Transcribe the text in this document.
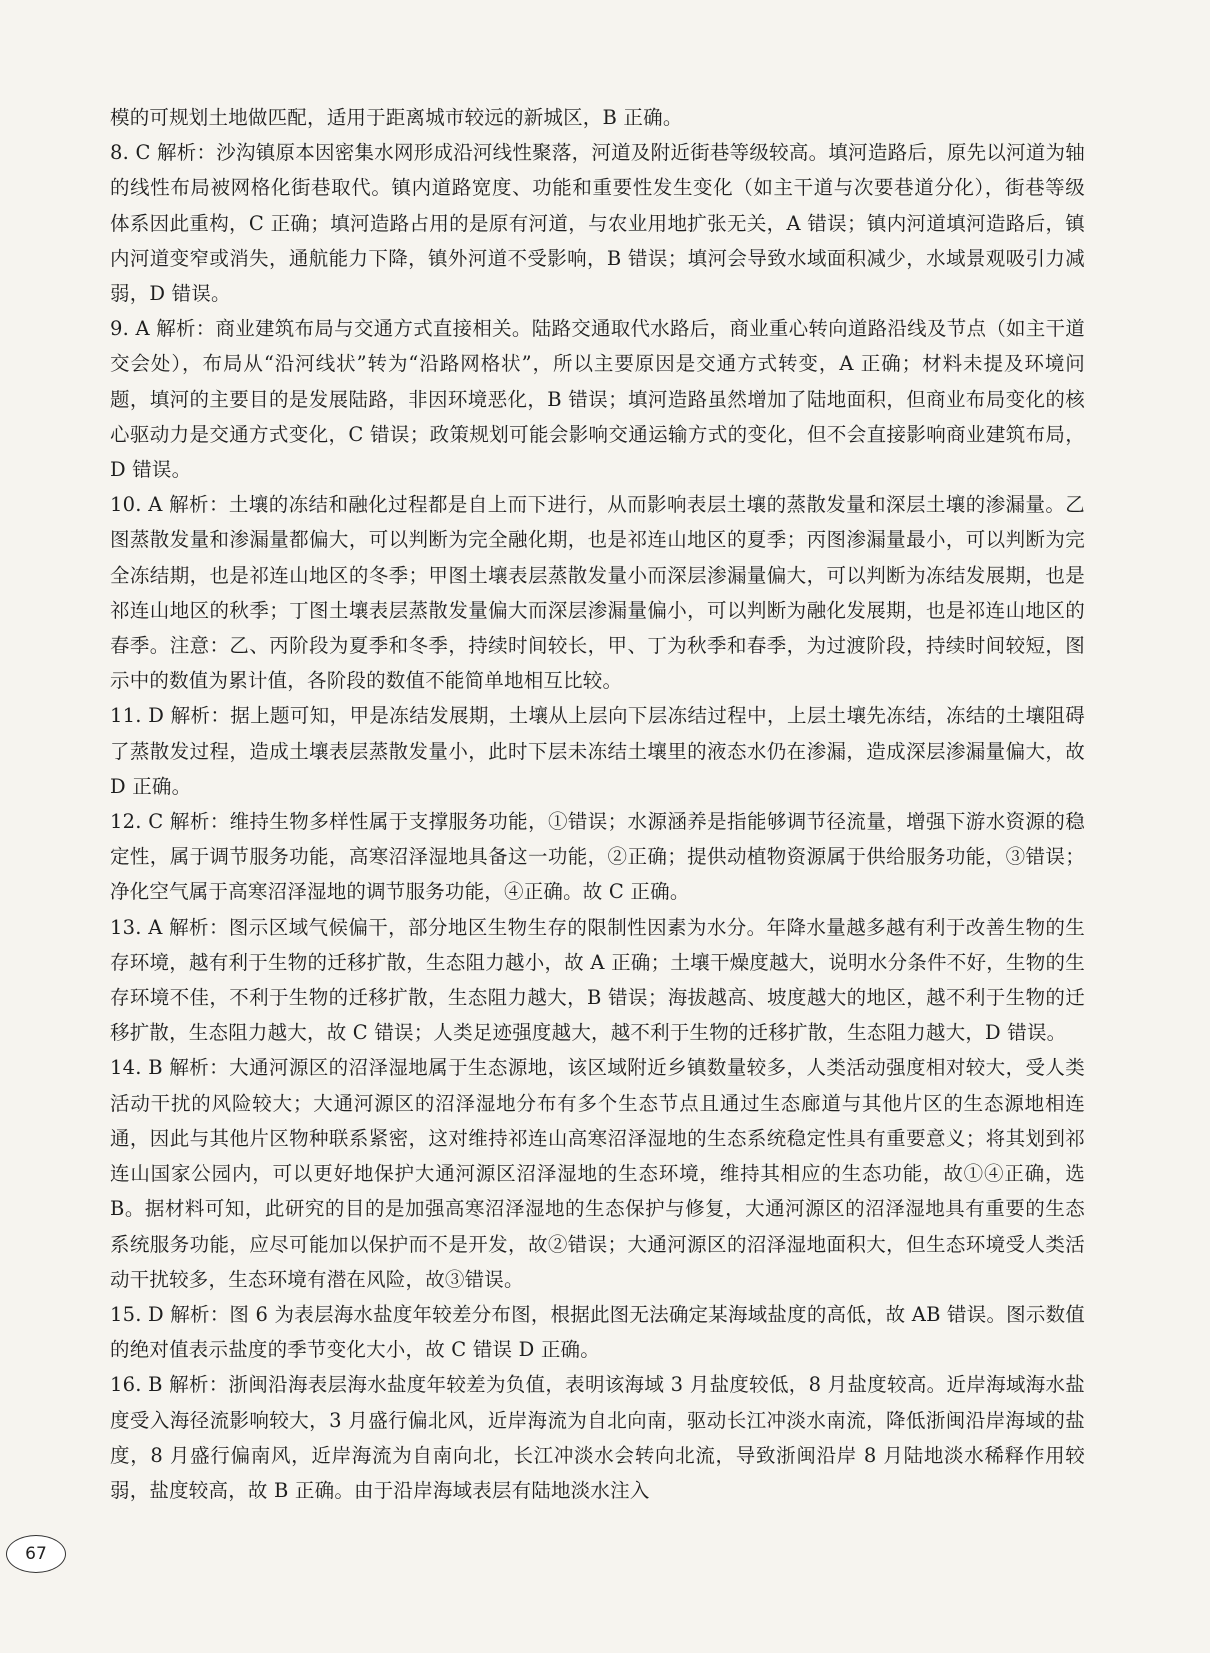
模的可规划土地做匹配，适用于距离城市较远的新城区，B 正确。

8. C 解析：沙沟镇原本因密集水网形成沿河线性聚落，河道及附近街巷等级较高。填河造路后，原先以河道为轴的线性布局被网格化街巷取代。镇内道路宽度、功能和重要性发生变化（如主干道与次要巷道分化），街巷等级体系因此重构，C 正确；填河造路占用的是原有河道，与农业用地扩张无关，A 错误；镇内河道填河造路后，镇内河道变窄或消失，通航能力下降，镇外河道不受影响，B 错误；填河会导致水域面积减少，水域景观吸引力减弱，D 错误。

9. A 解析：商业建筑布局与交通方式直接相关。陆路交通取代水路后，商业重心转向道路沿线及节点（如主干道交会处），布局从“沿河线状”转为“沿路网格状”，所以主要原因是交通方式转变，A 正确；材料未提及环境问题，填河的主要目的是发展陆路，非因环境恶化，B 错误；填河造路虽然增加了陆地面积，但商业布局变化的核心驱动力是交通方式变化，C 错误；政策规划可能会影响交通运输方式的变化，但不会直接影响商业建筑布局，D 错误。

10. A 解析：土壤的冻结和融化过程都是自上而下进行，从而影响表层土壤的蒸散发量和深层土壤的渗漏量。乙图蒸散发量和渗漏量都偏大，可以判断为完全融化期，也是祁连山地区的夏季；丙图渗漏量最小，可以判断为完全冻结期，也是祁连山地区的冬季；甲图土壤表层蒸散发量小而深层渗漏量偏大，可以判断为冻结发展期，也是祁连山地区的秋季；丁图土壤表层蒸散发量偏大而深层渗漏量偏小，可以判断为融化发展期，也是祁连山地区的春季。注意：乙、丙阶段为夏季和冬季，持续时间较长，甲、丁为秋季和春季，为过渡阶段，持续时间较短，图示中的数值为累计值，各阶段的数值不能简单地相互比较。

11. D 解析：据上题可知，甲是冻结发展期，土壤从上层向下层冻结过程中，上层土壤先冻结，冻结的土壤阻碍了蒸散发过程，造成土壤表层蒸散发量小，此时下层未冻结土壤里的液态水仍在渗漏，造成深层渗漏量偏大，故 D 正确。

12. C 解析：维持生物多样性属于支撑服务功能，①错误；水源涵养是指能够调节径流量，增强下游水资源的稳定性，属于调节服务功能，高寒沼泽湿地具备这一功能，②正确；提供动植物资源属于供给服务功能，③错误；净化空气属于高寒沼泽湿地的调节服务功能，④正确。故 C 正确。

13. A 解析：图示区域气候偏干，部分地区生物生存的限制性因素为水分。年降水量越多越有利于改善生物的生存环境，越有利于生物的迁移扩散，生态阻力越小，故 A 正确；土壤干燥度越大，说明水分条件不好，生物的生存环境不佳，不利于生物的迁移扩散，生态阻力越大，B 错误；海拔越高、坡度越大的地区，越不利于生物的迁移扩散，生态阻力越大，故 C 错误；人类足迹强度越大，越不利于生物的迁移扩散，生态阻力越大，D 错误。

14. B 解析：大通河源区的沼泽湿地属于生态源地，该区域附近乡镇数量较多，人类活动强度相对较大，受人类活动干扰的风险较大；大通河源区的沼泽湿地分布有多个生态节点且通过生态廊道与其他片区的生态源地相连通，因此与其他片区物种联系紧密，这对维持祁连山高寒沼泽湿地的生态系统稳定性具有重要意义；将其划到祁连山国家公园内，可以更好地保护大通河源区沼泽湿地的生态环境，维持其相应的生态功能，故①④正确，选 B。据材料可知，此研究的目的是加强高寒沼泽湿地的生态保护与修复，大通河源区的沼泽湿地具有重要的生态系统服务功能，应尽可能加以保护而不是开发，故②错误；大通河源区的沼泽湿地面积大，但生态环境受人类活动干扰较多，生态环境有潜在风险，故③错误。

15. D 解析：图 6 为表层海水盐度年较差分布图，根据此图无法确定某海域盐度的高低，故 AB 错误。图示数值的绝对值表示盐度的季节变化大小，故 C 错误 D 正确。

16. B 解析：浙闽沿海表层海水盐度年较差为负值，表明该海域 3 月盐度较低，8 月盐度较高。近岸海域海水盐度受入海径流影响较大，3 月盛行偏北风，近岸海流为自北向南，驱动长江冲淡水南流，降低浙闽沿岸海域的盐度，8 月盛行偏南风，近岸海流为自南向北，长江冲淡水会转向北流，导致浙闽沿岸 8 月陆地淡水稀释作用较弱，盐度较高，故 B 正确。由于沿岸海域表层有陆地淡水注入

67
